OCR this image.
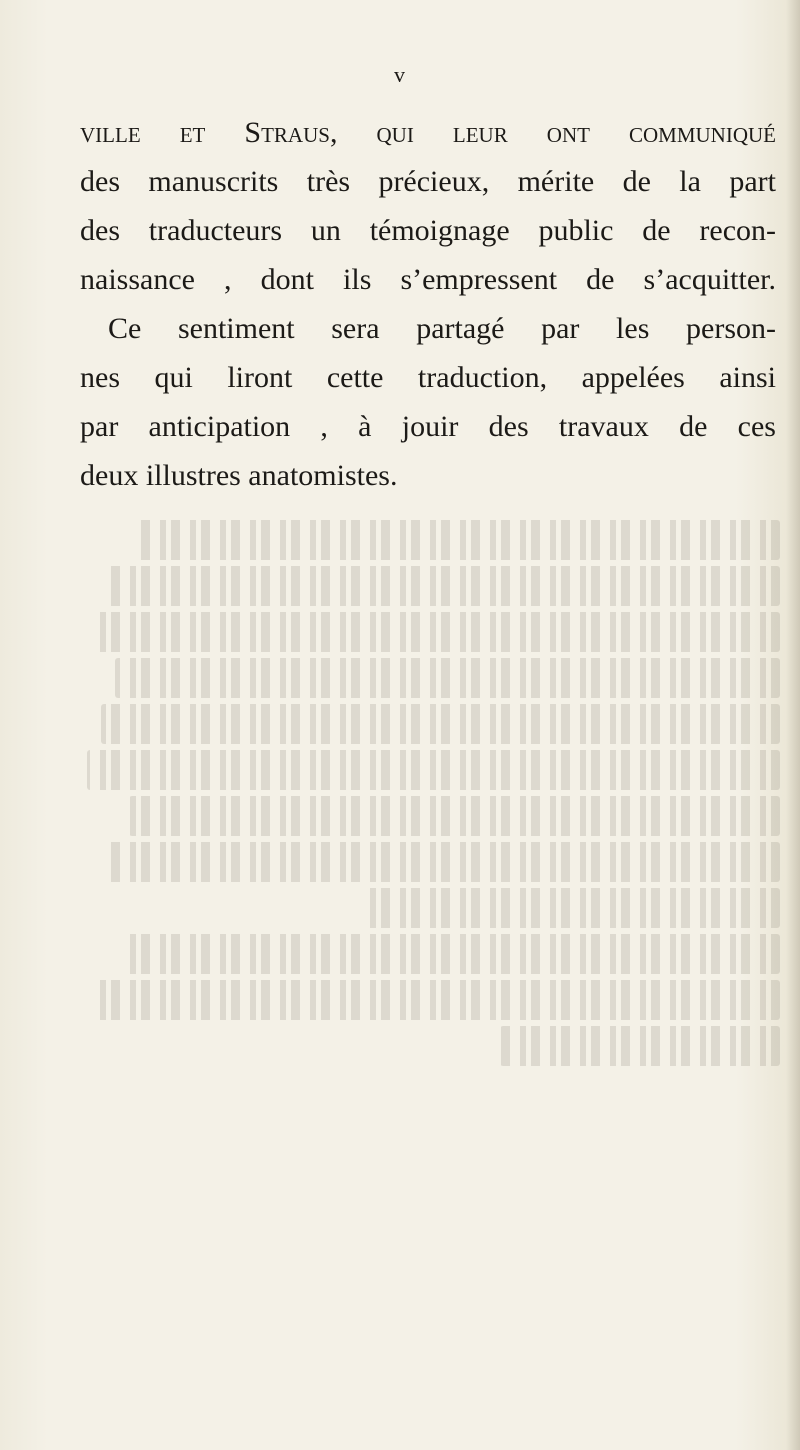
v
ville et Straus, qui leur ont communiqué
des manuscrits très précieux, mérite de la part
des traducteurs un témoignage public de recon-
naissance , dont ils s’empressent de s’acquitter.
Ce sentiment sera partagé par les person-
nes qui liront cette traduction, appelées ainsi
par anticipation , à jouir des travaux de ces
deux illustres anatomistes.
